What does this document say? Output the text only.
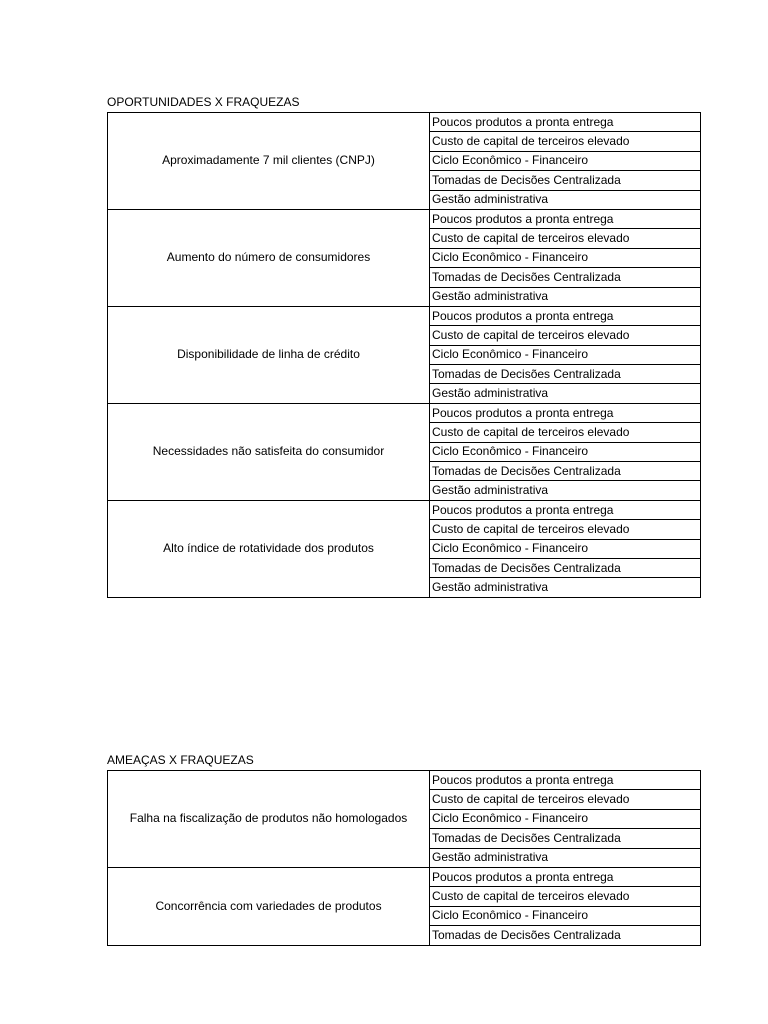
OPORTUNIDADES X FRAQUEZAS
Aproximadamente 7 mil clientes (CNPJ)	Poucos produtos a pronta entrega
	Custo de capital de terceiros elevado
	Ciclo Econômico - Financeiro
	Tomadas de Decisões Centralizada
	Gestão administrativa
Aumento do número de consumidores	Poucos produtos a pronta entrega
	Custo de capital de terceiros elevado
	Ciclo Econômico - Financeiro
	Tomadas de Decisões Centralizada
	Gestão administrativa
Disponibilidade de linha de crédito	Poucos produtos a pronta entrega
	Custo de capital de terceiros elevado
	Ciclo Econômico - Financeiro
	Tomadas de Decisões Centralizada
	Gestão administrativa
Necessidades não satisfeita do consumidor	Poucos produtos a pronta entrega
	Custo de capital de terceiros elevado
	Ciclo Econômico - Financeiro
	Tomadas de Decisões Centralizada
	Gestão administrativa
Alto índice de rotatividade dos produtos	Poucos produtos a pronta entrega
	Custo de capital de terceiros elevado
	Ciclo Econômico - Financeiro
	Tomadas de Decisões Centralizada
	Gestão administrativa
AMEAÇAS X FRAQUEZAS
Falha na fiscalização de produtos não homologados	Poucos produtos a pronta entrega
	Custo de capital de terceiros elevado
	Ciclo Econômico - Financeiro
	Tomadas de Decisões Centralizada
	Gestão administrativa
Concorrência com variedades de produtos	Poucos produtos a pronta entrega
	Custo de capital de terceiros elevado
	Ciclo Econômico - Financeiro
	Tomadas de Decisões Centralizada
